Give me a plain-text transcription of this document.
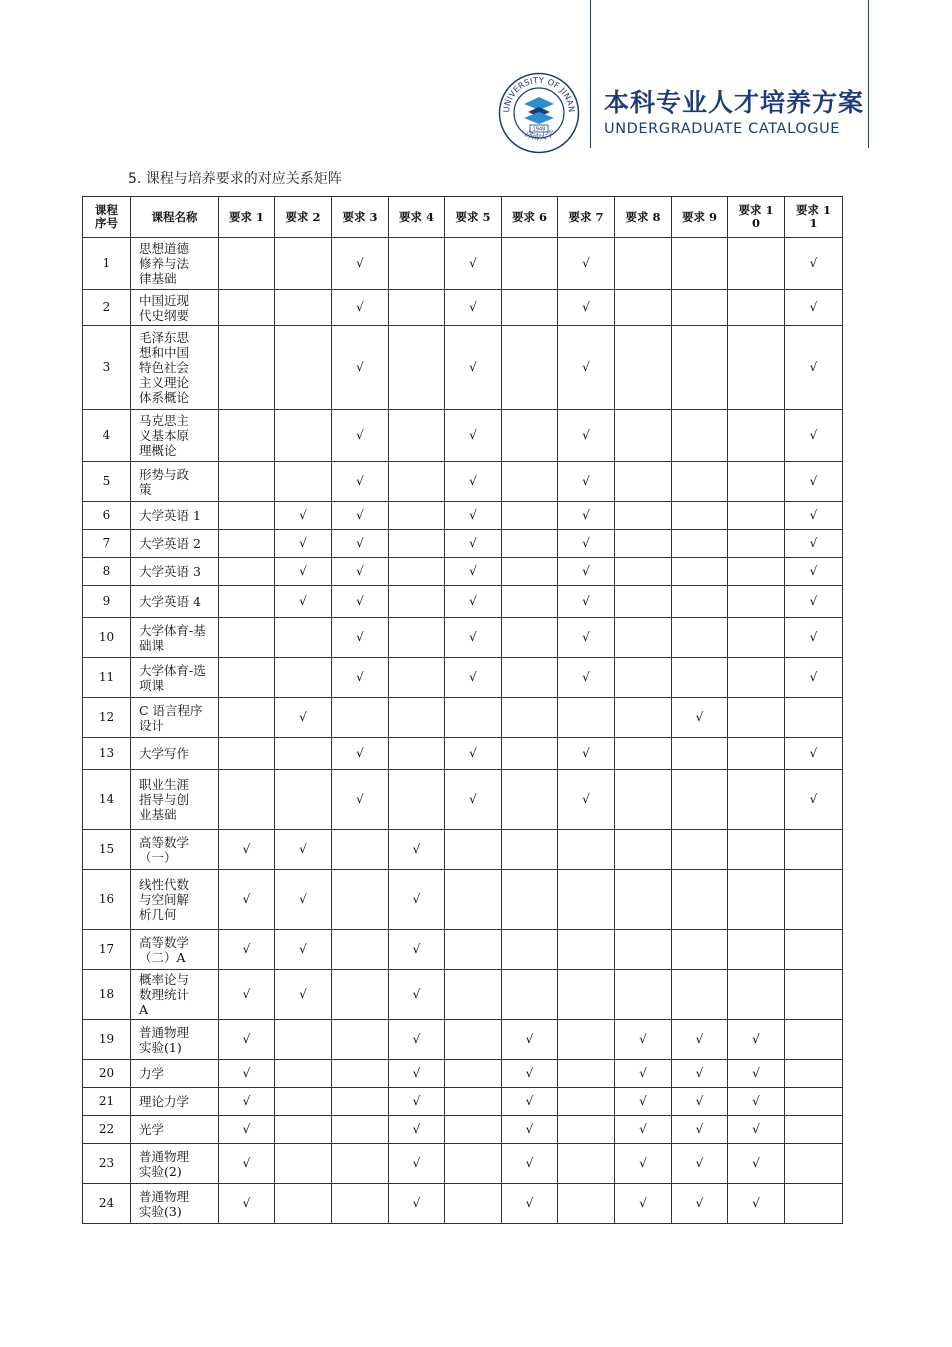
UNIVERSITY OF JINAN
济南大学
1948
本科专业人才培养方案
UNDERGRADUATE CATALOGUE
5. 课程与培养要求的对应关系矩阵
课程序号	课程名称	要求 1	要求 2	要求 3	要求 4	要求 5	要求 6	要求 7	要求 8	要求 9	要求 10	要求 11
1	思想道德修养与法律基础			√		√		√				√
2	中国近现代史纲要			√		√		√				√
3	毛泽东思想和中国特色社会主义理论体系概论			√		√		√				√
4	马克思主义基本原理概论			√		√		√				√
5	形势与政策			√		√		√				√
6	大学英语 1		√	√		√		√				√
7	大学英语 2		√	√		√		√				√
8	大学英语 3		√	√		√		√				√
9	大学英语 4		√	√		√		√				√
10	大学体育-基础课			√		√		√				√
11	大学体育-选项课			√		√		√				√
12	C 语言程序设计		√							√		
13	大学写作			√		√		√				√
14	职业生涯指导与创业基础			√		√		√				√
15	高等数学（一）	√	√		√							
16	线性代数与空间解析几何	√	√		√							
17	高等数学（二）A	√	√		√							
18	概率论与数理统计 A	√	√		√							
19	普通物理实验(1)	√			√		√		√	√	√	
20	力学	√			√		√		√	√	√	
21	理论力学	√			√		√		√	√	√	
22	光学	√			√		√		√	√	√	
23	普通物理实验(2)	√			√		√		√	√	√	
24	普通物理实验(3)	√			√		√		√	√	√	
